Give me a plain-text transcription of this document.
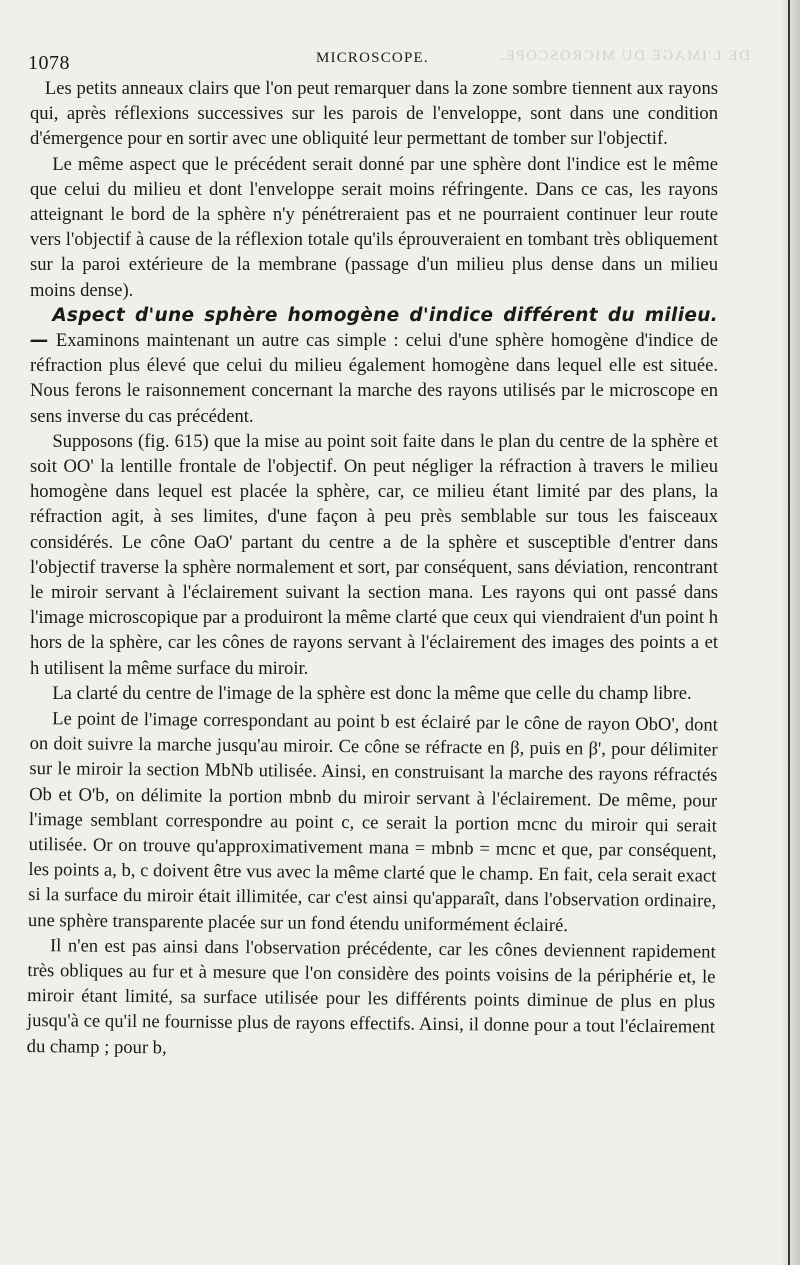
DE L'IMAGE DU MICROSCOPE.
1078	MICROSCOPE.

Les petits anneaux clairs que l'on peut remarquer dans la zone sombre tiennent aux rayons qui, après réflexions successives sur les parois de l'enveloppe, sont dans une condition d'émergence pour en sortir avec une obliquité leur permettant de tomber sur l'objectif.

Le même aspect que le précédent serait donné par une sphère dont l'indice est le même que celui du milieu et dont l'enveloppe serait moins réfringente. Dans ce cas, les rayons atteignant le bord de la sphère n'y pénétreraient pas et ne pourraient continuer leur route vers l'objectif à cause de la réflexion totale qu'ils éprouveraient en tombant très obliquement sur la paroi extérieure de la membrane (passage d'un milieu plus dense dans un milieu moins dense).

Aspect d'une sphère homogène d'indice différent du milieu. — Examinons maintenant un autre cas simple : celui d'une sphère homogène d'indice de réfraction plus élevé que celui du milieu également homogène dans lequel elle est située. Nous ferons le raisonnement concernant la marche des rayons utilisés par le microscope en sens inverse du cas précédent.

Supposons (fig. 615) que la mise au point soit faite dans le plan du centre de la sphère et soit OO' la lentille frontale de l'objectif. On peut négliger la réfraction à travers le milieu homogène dans lequel est placée la sphère, car, ce milieu étant limité par des plans, la réfraction agit, à ses limites, d'une façon à peu près semblable sur tous les faisceaux considérés. Le cône OaO' partant du centre a de la sphère et susceptible d'entrer dans l'objectif traverse la sphère normalement et sort, par conséquent, sans déviation, rencontrant le miroir servant à l'éclairement suivant la section mana. Les rayons qui ont passé dans l'image microscopique par a produiront la même clarté que ceux qui viendraient d'un point h hors de la sphère, car les cônes de rayons servant à l'éclairement des images des points a et h utilisent la même surface du miroir.

La clarté du centre de l'image de la sphère est donc la même que celle du champ libre.

Le point de l'image correspondant au point b est éclairé par le cône de rayon ObO', dont on doit suivre la marche jusqu'au miroir. Ce cône se réfracte en β, puis en β', pour délimiter sur le miroir la section MbNb utilisée. Ainsi, en construisant la marche des rayons réfractés Ob et O'b, on délimite la portion mbnb du miroir servant à l'éclairement. De même, pour l'image semblant correspondre au point c, ce serait la portion mcnc du miroir qui serait utilisée. Or on trouve qu'approximativement mana = mbnb = mcnc et que, par conséquent, les points a, b, c doivent être vus avec la même clarté que le champ. En fait, cela serait exact si la surface du miroir était illimitée, car c'est ainsi qu'apparaît, dans l'observation ordinaire, une sphère transparente placée sur un fond étendu uniformément éclairé.

Il n'en est pas ainsi dans l'observation précédente, car les cônes deviennent rapidement très obliques au fur et à mesure que l'on considère des points voisins de la périphérie et, le miroir étant limité, sa surface utilisée pour les différents points diminue de plus en plus jusqu'à ce qu'il ne fournisse plus de rayons effectifs. Ainsi, il donne pour a tout l'éclairement du champ ; pour b,
